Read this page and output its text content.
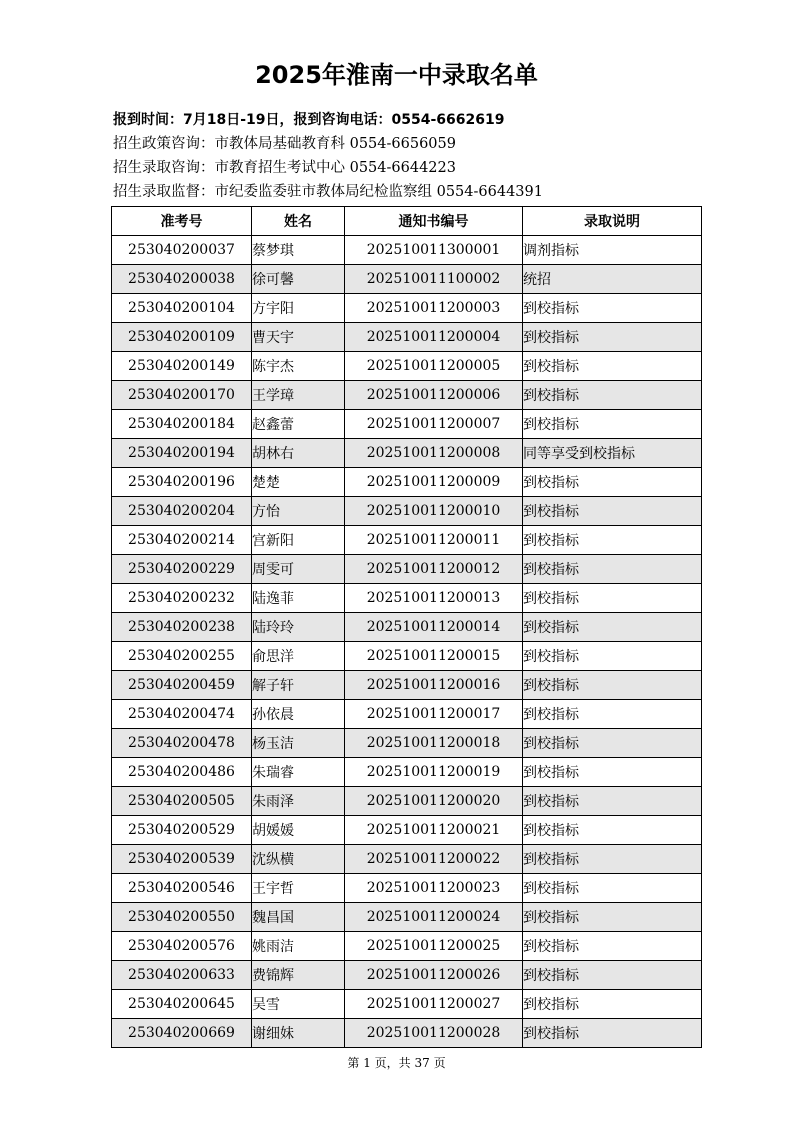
2025年淮南一中录取名单
报到时间：7月18日-19日，报到咨询电话：0554-6662619
招生政策咨询：市教体局基础教育科 0554-6656059
招生录取咨询：市教育招生考试中心 0554-6644223
招生录取监督：市纪委监委驻市教体局纪检监察组 0554-6644391
准考号	姓名	通知书编号	录取说明
253040200037	蔡梦琪	202510011300001	调剂指标
253040200038	徐可馨	202510011100002	统招
253040200104	方宇阳	202510011200003	到校指标
253040200109	曹天宇	202510011200004	到校指标
253040200149	陈宇杰	202510011200005	到校指标
253040200170	王学璋	202510011200006	到校指标
253040200184	赵鑫蕾	202510011200007	到校指标
253040200194	胡林右	202510011200008	同等享受到校指标
253040200196	楚楚	202510011200009	到校指标
253040200204	方怡	202510011200010	到校指标
253040200214	宫新阳	202510011200011	到校指标
253040200229	周雯可	202510011200012	到校指标
253040200232	陆逸菲	202510011200013	到校指标
253040200238	陆玲玲	202510011200014	到校指标
253040200255	俞思洋	202510011200015	到校指标
253040200459	解子轩	202510011200016	到校指标
253040200474	孙依晨	202510011200017	到校指标
253040200478	杨玉洁	202510011200018	到校指标
253040200486	朱瑞睿	202510011200019	到校指标
253040200505	朱雨泽	202510011200020	到校指标
253040200529	胡媛媛	202510011200021	到校指标
253040200539	沈纵横	202510011200022	到校指标
253040200546	王宇哲	202510011200023	到校指标
253040200550	魏昌国	202510011200024	到校指标
253040200576	姚雨洁	202510011200025	到校指标
253040200633	费锦辉	202510011200026	到校指标
253040200645	吴雪	202510011200027	到校指标
253040200669	谢细妹	202510011200028	到校指标
第 1 页，共 37 页
